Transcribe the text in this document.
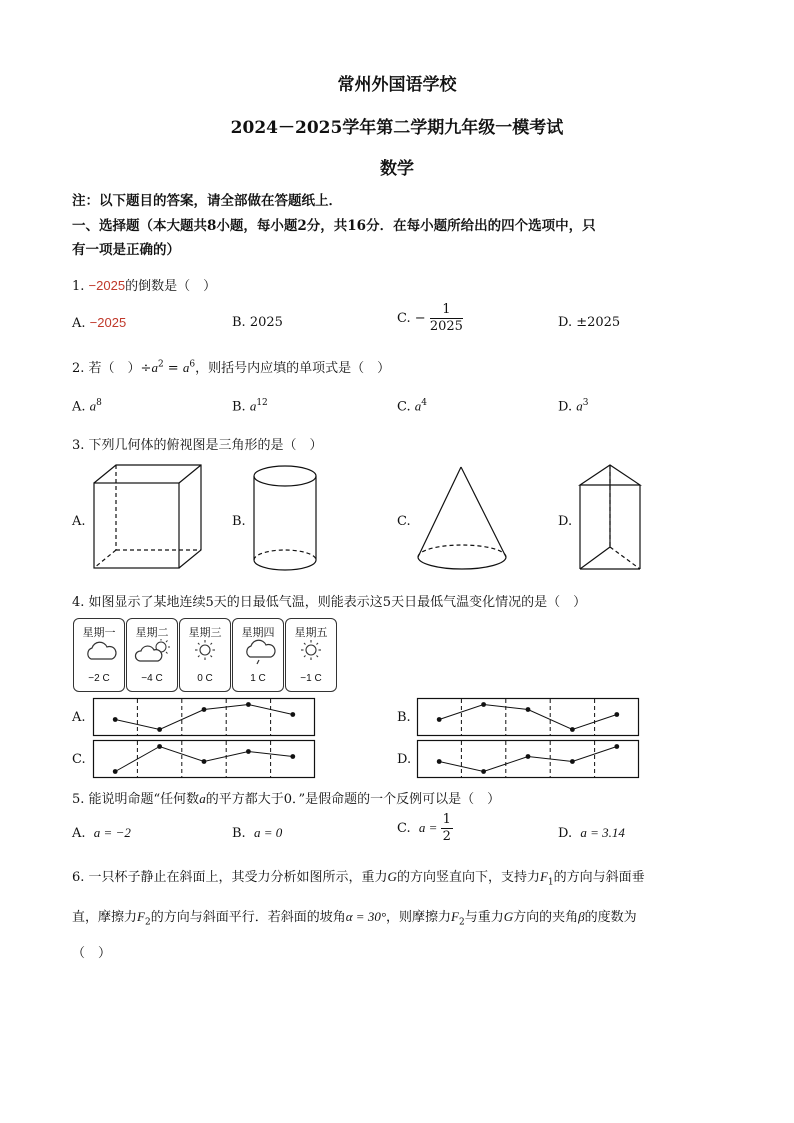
常州外国语学校
2024－2025学年第二学期九年级一模考试
数学
注：以下题目的答案，请全部做在答题纸上．
一、选择题（本大题共8小题，每小题2分，共16分．在每小题所给出的四个选项中，只
有一项是正确的）
1. −2025的倒数是（　）
A. −2025	B. 2025	C. − $\frac{1}{2025}$	D. ±2025
2. 若（　）$\div a^2 = a^6$，则括号内应填的单项式是（　）
A. $a^8$	B. $a^{12}$	C. $a^4$	D. $a^3$
3. 下列几何体的俯视图是三角形的是（　）
A.	B.	C.	D.
4. 如图显示了某地连续5天的日最低气温，则能表示这5天日最低气温变化情况的是（　）
星期一
−2 C
星期二
−4 C
星期三
0 C
星期四
1 C
星期五
−1 C
A.	B.
C.	D.
5. 能说明命题“任何数a的平方都大于0．”是假命题的一个反例可以是（　）
A. a = −2	B. a = 0	C. $a = \frac{1}{2}$	D. a = 3.14
6. 一只杯子静止在斜面上，其受力分析如图所示，重力G的方向竖直向下，支持力$F_1$的方向与斜面垂
直，摩擦力$F_2$的方向与斜面平行．若斜面的坡角α = 30°，则摩擦力$F_2$与重力G方向的夹角β的度数为
（　）
